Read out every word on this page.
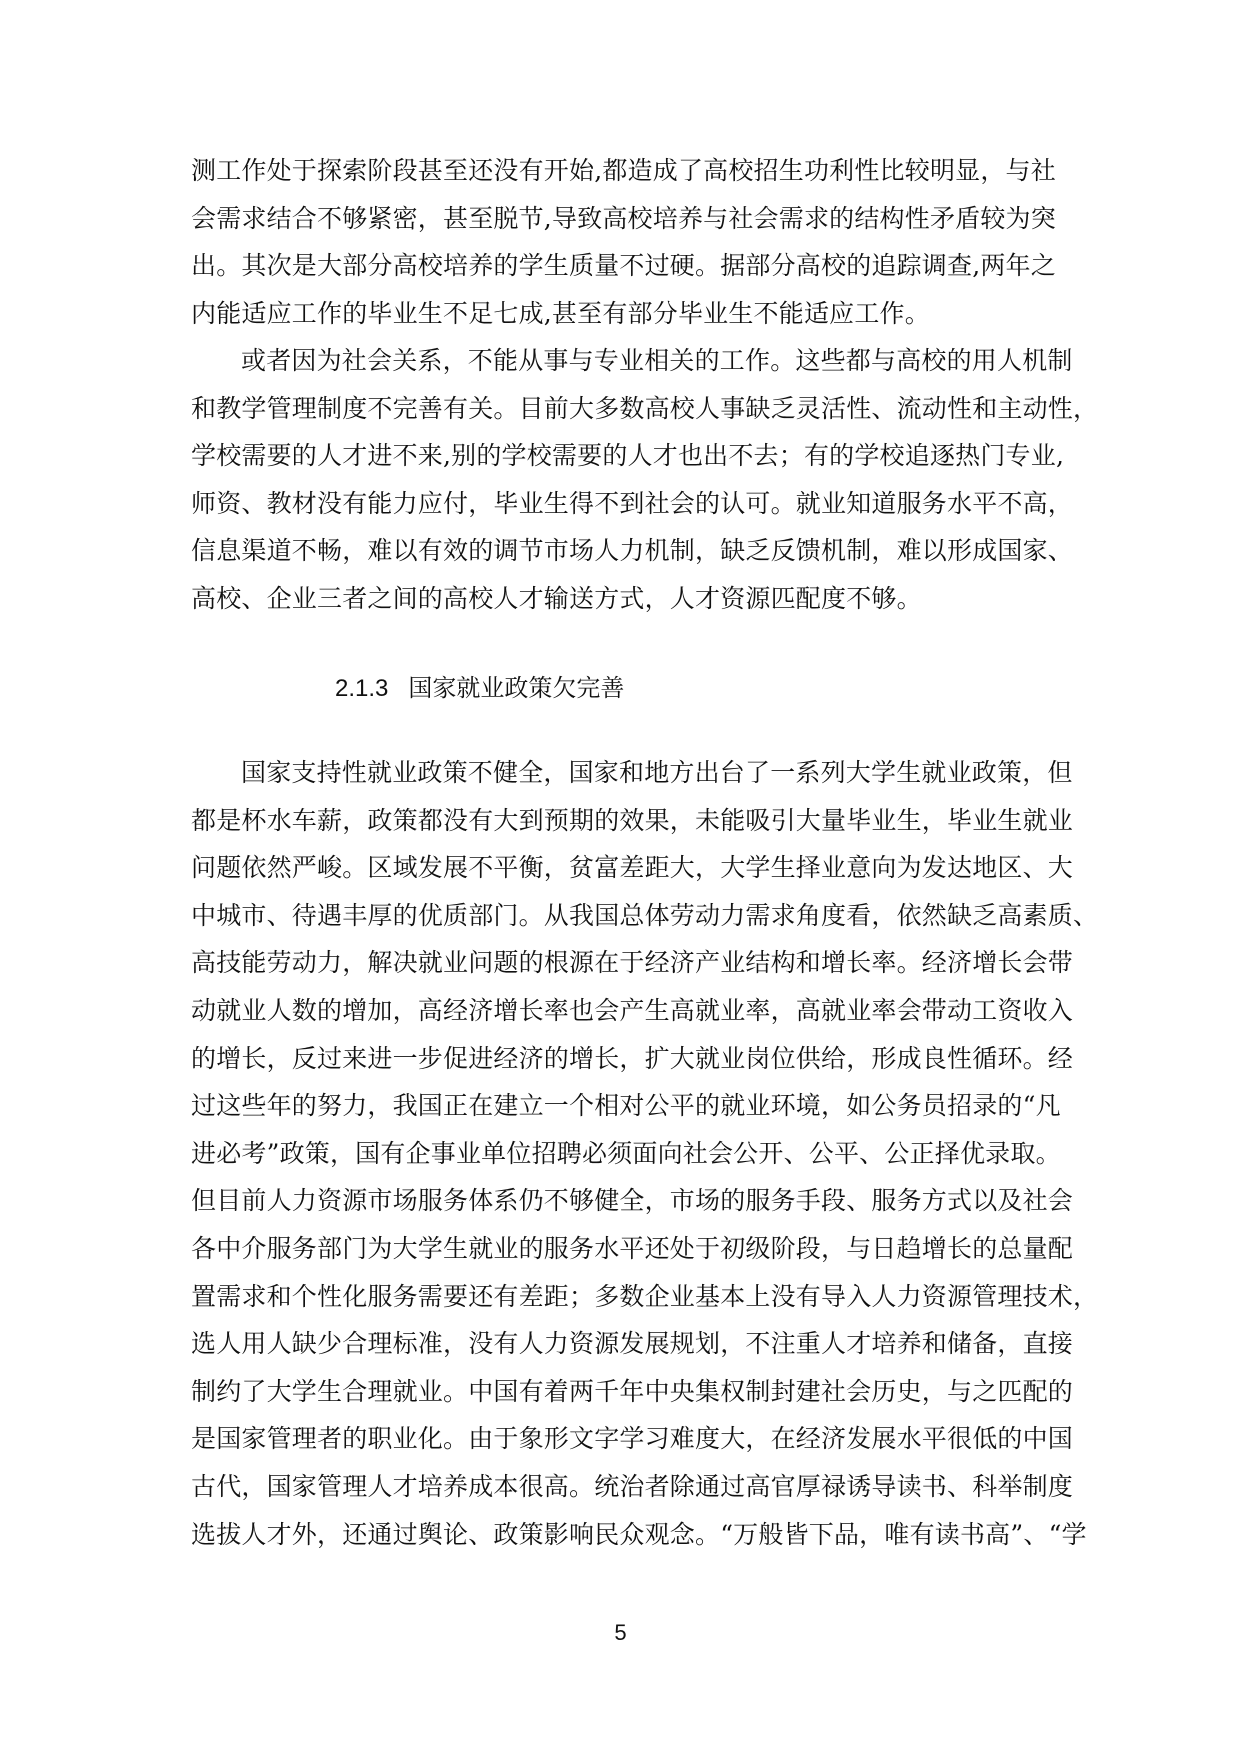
测工作处于探索阶段甚至还没有开始,都造成了高校招生功利性比较明显，与社
会需求结合不够紧密，甚至脱节,导致高校培养与社会需求的结构性矛盾较为突
出。其次是大部分高校培养的学生质量不过硬。据部分高校的追踪调查,两年之
内能适应工作的毕业生不足七成,甚至有部分毕业生不能适应工作。
或者因为社会关系，不能从事与专业相关的工作。这些都与高校的用人机制
和教学管理制度不完善有关。目前大多数高校人事缺乏灵活性、流动性和主动性，
学校需要的人才进不来,别的学校需要的人才也出不去；有的学校追逐热门专业,
师资、教材没有能力应付，毕业生得不到社会的认可。就业知道服务水平不高，
信息渠道不畅，难以有效的调节市场人力机制，缺乏反馈机制，难以形成国家、
高校、企业三者之间的高校人才输送方式，人才资源匹配度不够。
2.1.3 国家就业政策欠完善
国家支持性就业政策不健全，国家和地方出台了一系列大学生就业政策，但
都是杯水车薪，政策都没有大到预期的效果，未能吸引大量毕业生，毕业生就业
问题依然严峻。区域发展不平衡，贫富差距大，大学生择业意向为发达地区、大
中城市、待遇丰厚的优质部门。从我国总体劳动力需求角度看，依然缺乏高素质、
高技能劳动力，解决就业问题的根源在于经济产业结构和增长率。经济增长会带
动就业人数的增加，高经济增长率也会产生高就业率，高就业率会带动工资收入
的增长，反过来进一步促进经济的增长，扩大就业岗位供给，形成良性循环。经
过这些年的努力，我国正在建立一个相对公平的就业环境，如公务员招录的“凡
进必考”政策，国有企事业单位招聘必须面向社会公开、公平、公正择优录取。
但目前人力资源市场服务体系仍不够健全，市场的服务手段、服务方式以及社会
各中介服务部门为大学生就业的服务水平还处于初级阶段，与日趋增长的总量配
置需求和个性化服务需要还有差距；多数企业基本上没有导入人力资源管理技术，
选人用人缺少合理标准，没有人力资源发展规划，不注重人才培养和储备，直接
制约了大学生合理就业。中国有着两千年中央集权制封建社会历史，与之匹配的
是国家管理者的职业化。由于象形文字学习难度大，在经济发展水平很低的中国
古代，国家管理人才培养成本很高。统治者除通过高官厚禄诱导读书、科举制度
选拔人才外，还通过舆论、政策影响民众观念。“万般皆下品，唯有读书高”、“学
5
